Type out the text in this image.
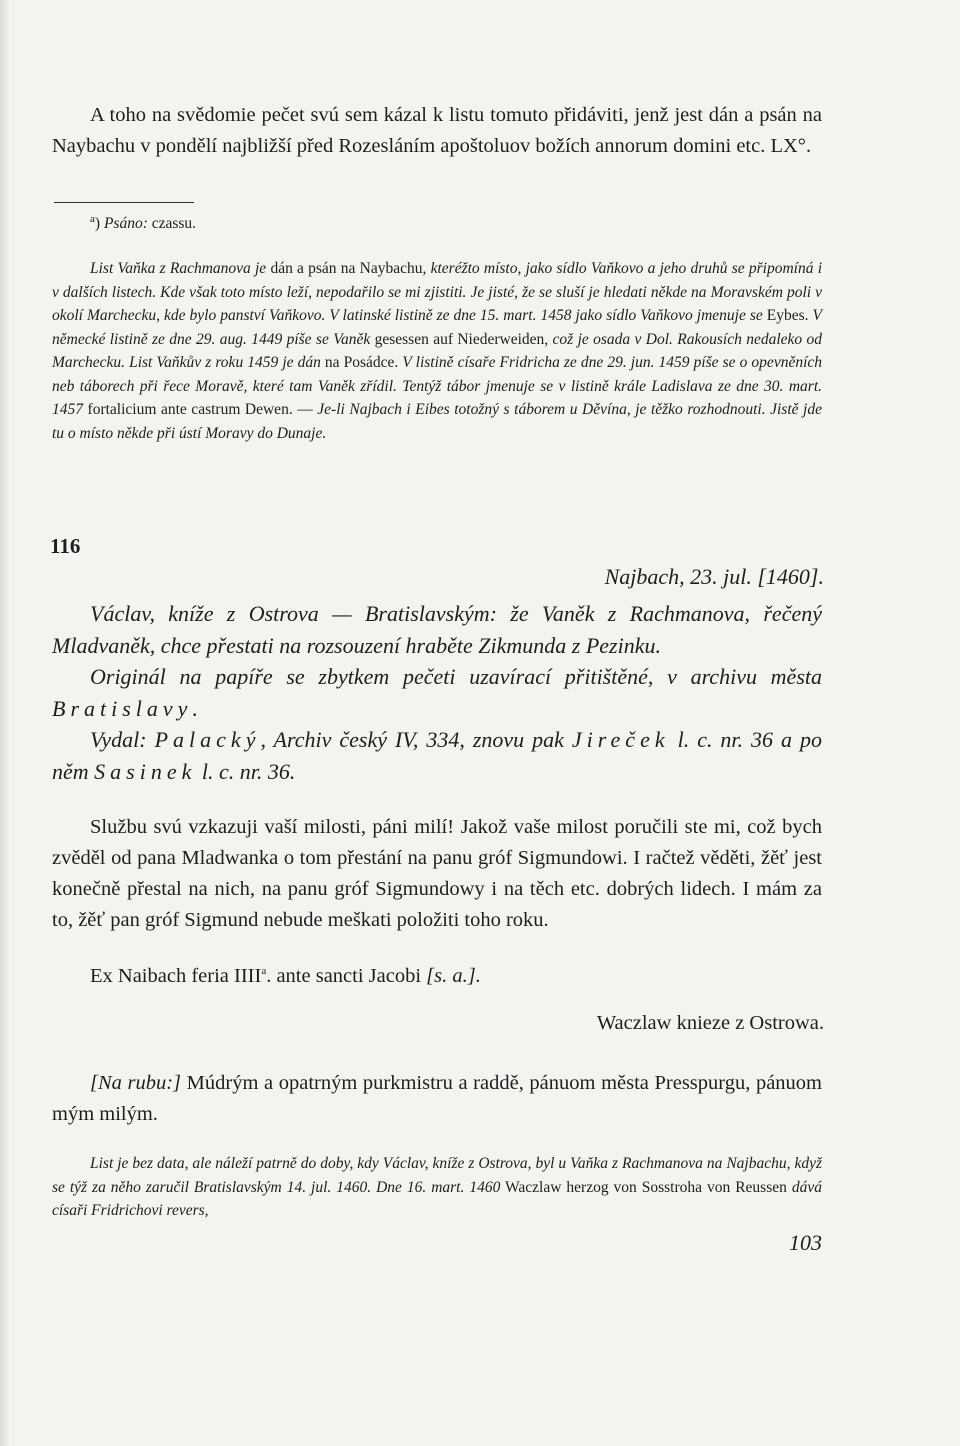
A toho na svědomie pečet svú sem kázal k listu tomuto přidáviti, jenž jest dán a psán na Naybachu v pondělí najbližší před Rozesláním apoštoluov božích annorum domini etc. LX°.

$^a$) Psáno: czassu.

List Vaňka z Rachmanova je dán a psán na Naybachu, kteréžto místo, jako sídlo Vaňkovo a jeho druhů se připomíná i v dalších listech. Kde však toto místo leží, nepodařilo se mi zjistiti. Je jisté, že se sluší je hledati někde na Moravském poli v okolí Marchecku, kde bylo panství Vaňkovo. V latinské listině ze dne 15. mart. 1458 jako sídlo Vaňkovo jmenuje se Eybes. V německé listině ze dne 29. aug. 1449 píše se Vaněk gesessen auf Niederweiden, což je osada v Dol. Rakousích nedaleko od Marchecku. List Vaňkův z roku 1459 je dán na Posádce. V listině císaře Fridricha ze dne 29. jun. 1459 píše se o opevněních neb táborech při řece Moravě, které tam Vaněk zřídil. Tentýž tábor jmenuje se v listině krále Ladislava ze dne 30. mart. 1457 fortalicium ante castrum Dewen. — Je-li Najbach i Eibes totožný s táborem u Děvína, je těžko rozhodnouti. Jistě jde tu o místo někde při ústí Moravy do Dunaje.

116
Najbach, 23. jul. [1460].

Václav, kníže z Ostrova — Bratislavským: že Vaněk z Rachmanova, řečený Mladvaněk, chce přestati na rozsouzení hraběte Zikmunda z Pezinku.

Originál na papíře se zbytkem pečeti uzavírací přitištěné, v archivu města Bratislavy.

Vydal: Palacký, Archiv český IV, 334, znovu pak Jireček l. c. nr. 36 a po něm Sasinek l. c. nr. 36.

Službu svú vzkazuji vaší milosti, páni milí! Jakož vaše milost poručili ste mi, což bych zvěděl od pana Mladwanka o tom přestání na panu gróf Sigmundowi. I račtež věděti, žěť jest konečně přestal na nich, na panu gróf Sigmundowy i na těch etc. dobrých lidech. I mám za to, žěť pan gróf Sigmund nebude meškati položiti toho roku.

Ex Naibach feria IIII$^a$. ante sancti Jacobi [s. a.].

Waczlaw knieze z Ostrowa.

[Na rubu:] Múdrým a opatrným purkmistru a raddě, pánuom města Presspurgu, pánuom mým milým.

List je bez data, ale náleží patrně do doby, kdy Václav, kníže z Ostrova, byl u Vaňka z Rachmanova na Najbachu, když se týž za něho zaručil Bratislavským 14. jul. 1460. Dne 16. mart. 1460 Waczlaw herzog von Sosstroha von Reussen dává císaři Fridrichovi revers,

103
